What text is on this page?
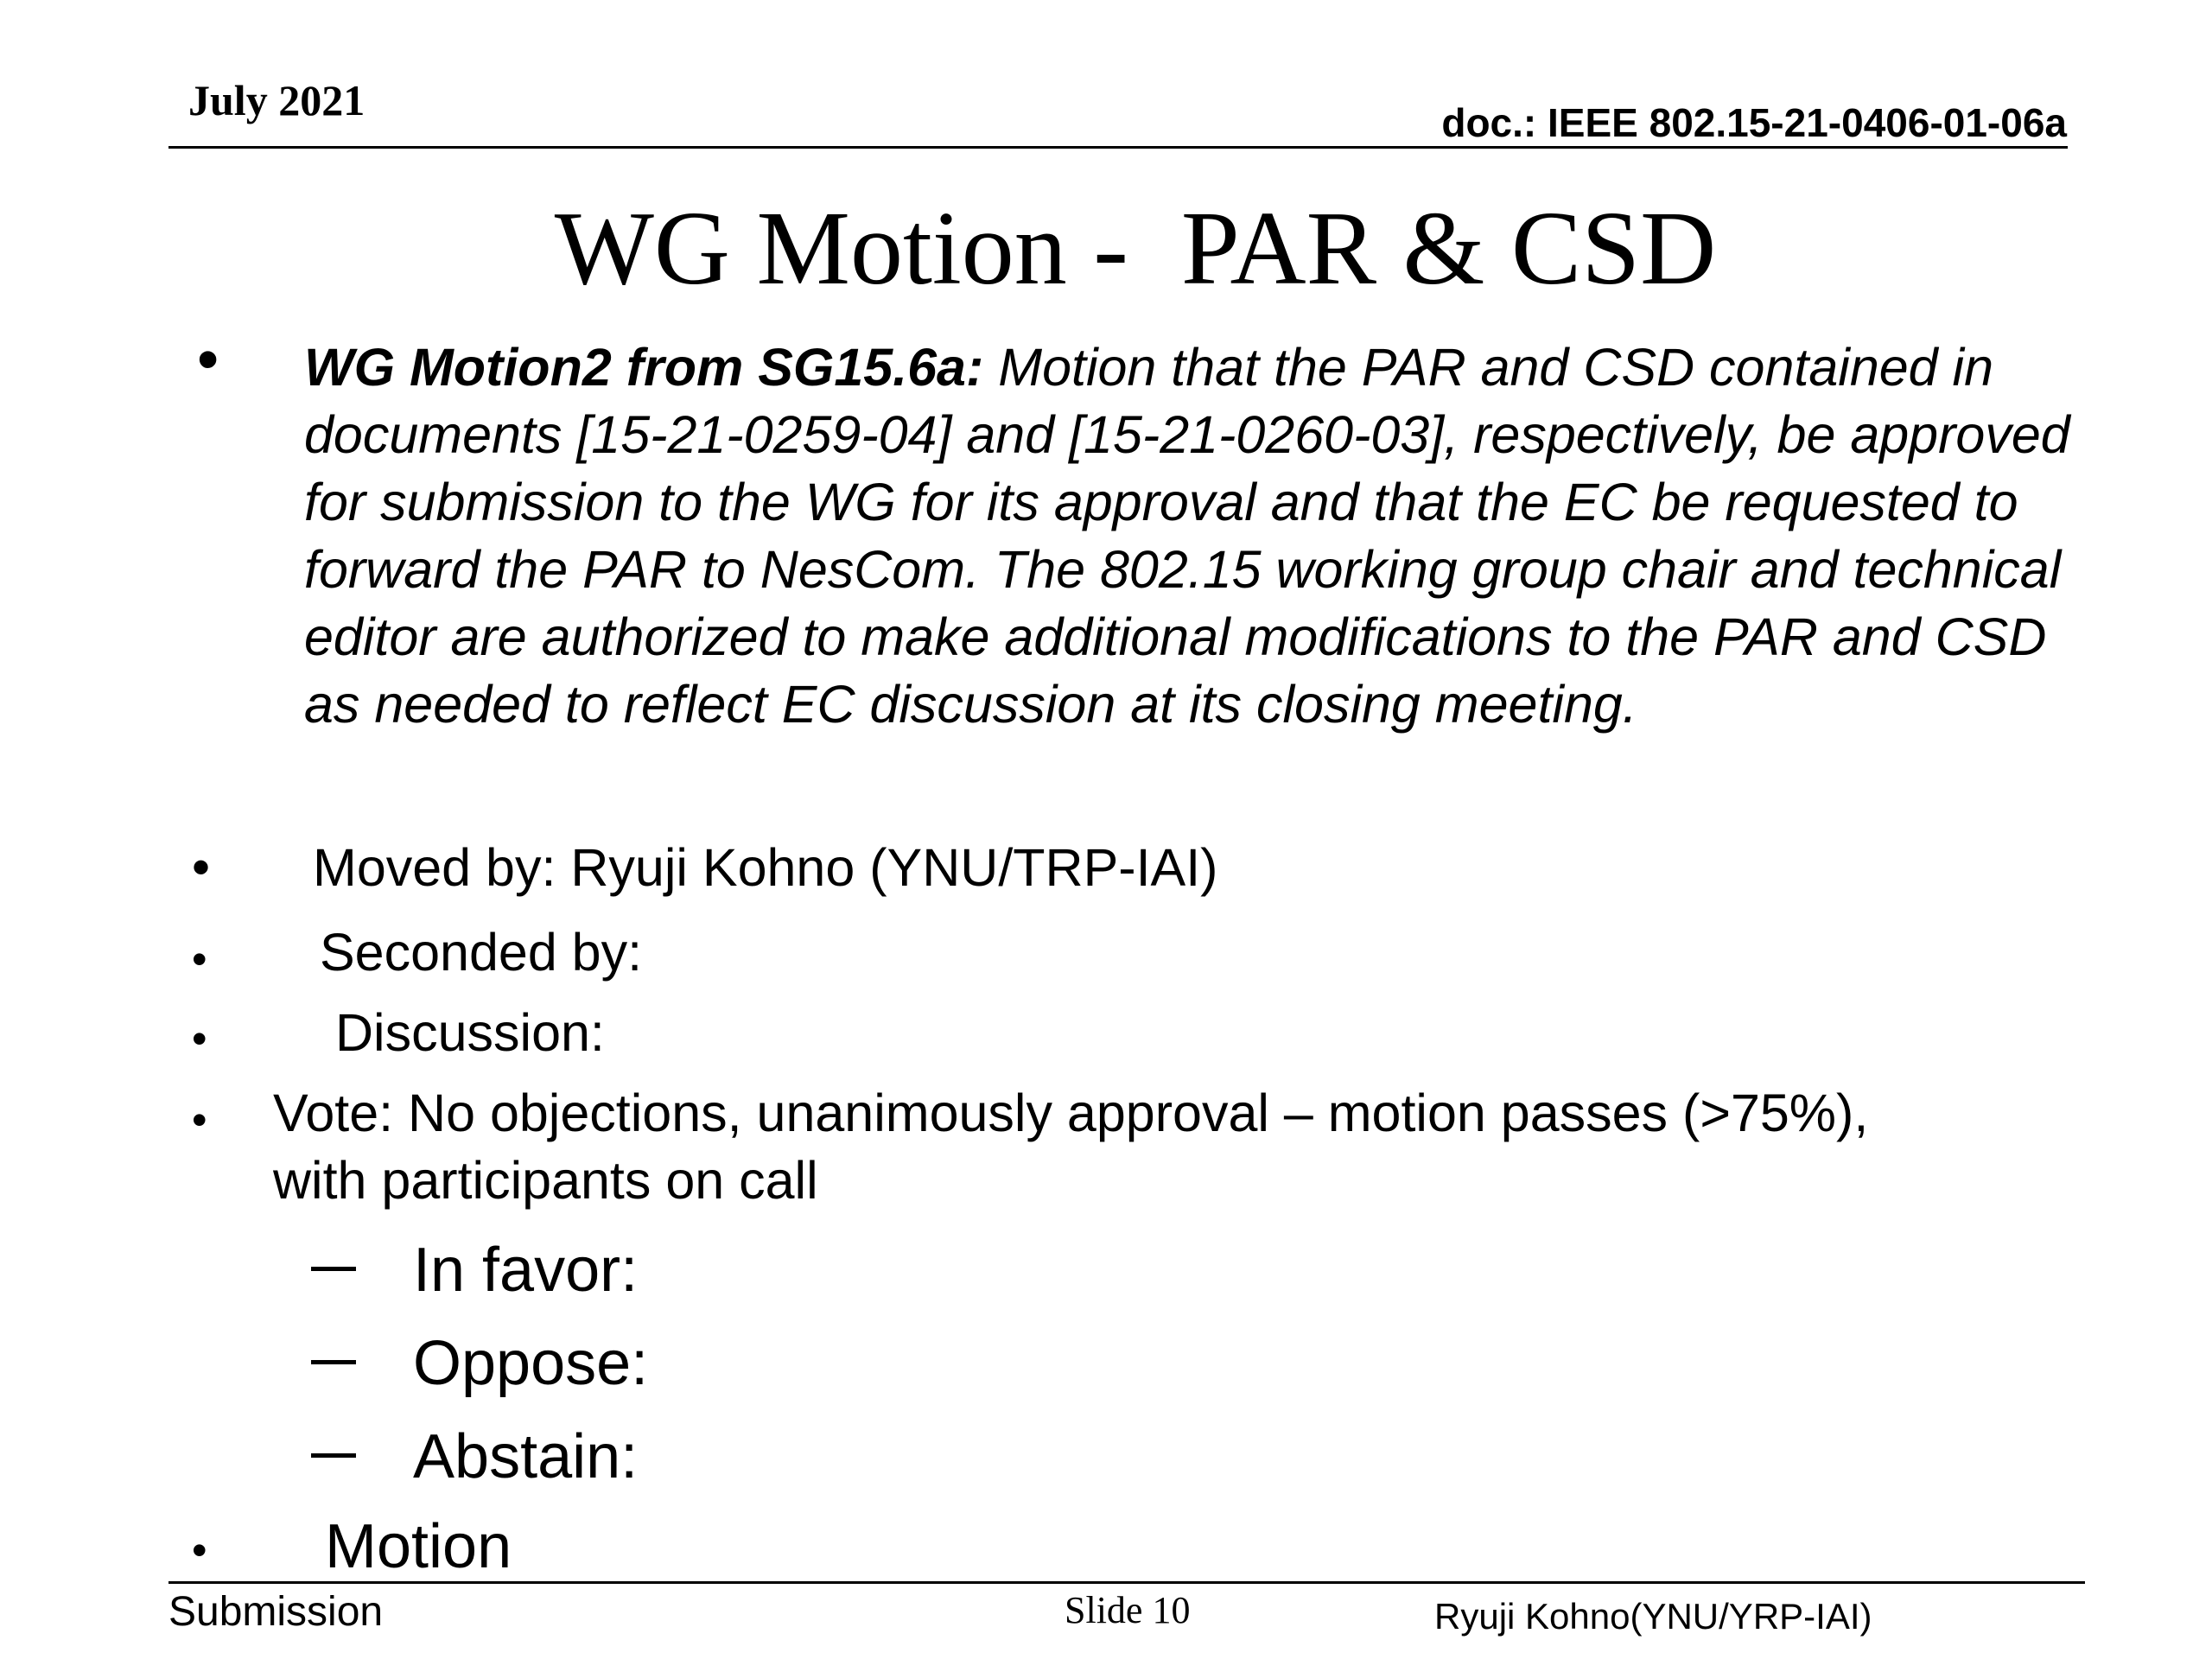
July 2021	doc.: IEEE 802.15-21-0406-01-06a
WG Motion -  PAR & CSD
• WG Motion2 from SG15.6a: Motion that the PAR and CSD contained in documents [15-21-0259-04] and [15-21-0260-03], respectively, be approved for submission to the WG for its approval and that the EC be requested to forward the PAR to NesCom. The 802.15 working group chair and technical editor are authorized to make additional modifications to the PAR and CSD as needed to reflect EC discussion at its closing meeting.
• Moved by: Ryuji Kohno (YNU/TRP-IAI)
• Seconded by:
• Discussion:
• Vote: No objections, unanimously approval – motion passes (>75%),
with participants on call
In favor:
Oppose:
Abstain:
• Motion
Submission	Slide 10	Ryuji Kohno(YNU/YRP-IAI)
